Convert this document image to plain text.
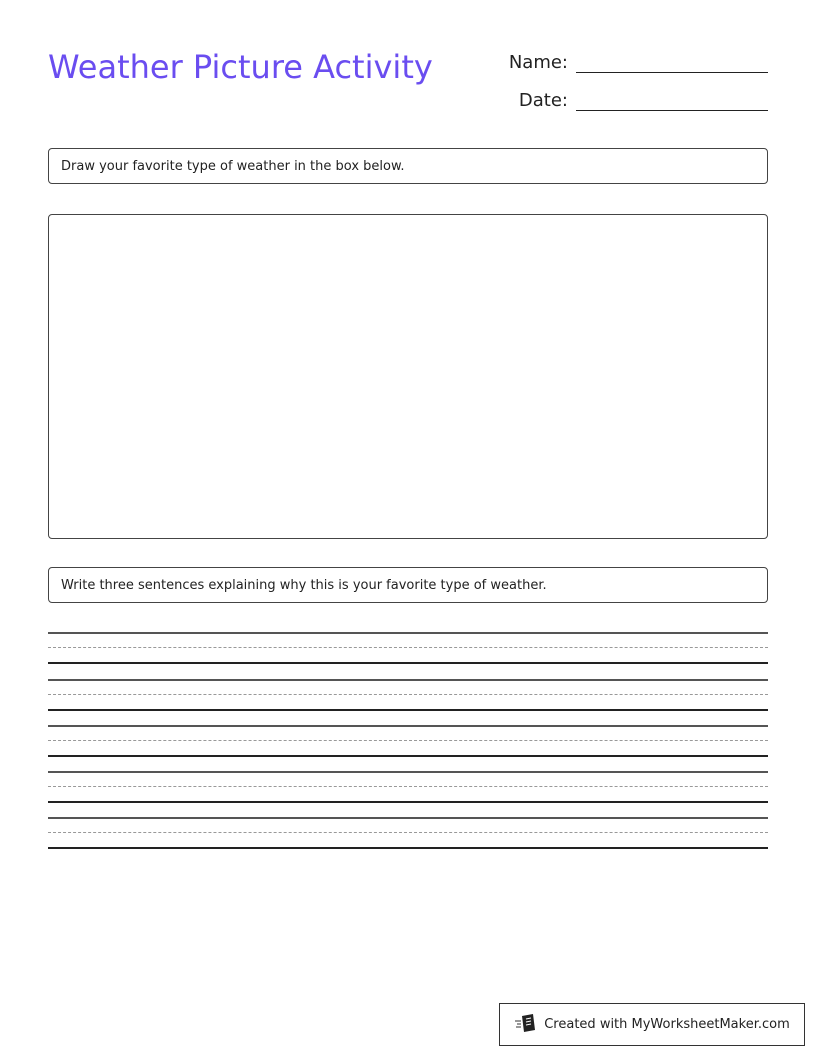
Weather Picture Activity	Name:
Date:
Draw your favorite type of weather in the box below.
Write three sentences explaining why this is your favorite type of weather.
Created with MyWorksheetMaker.com
